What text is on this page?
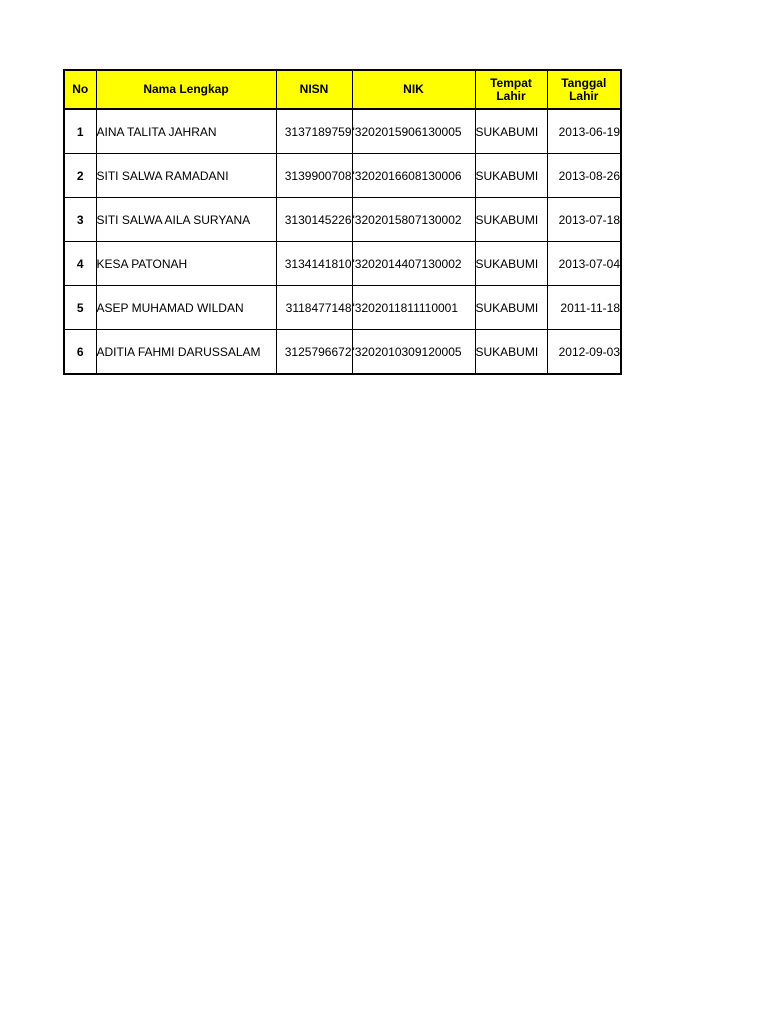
No	Nama Lengkap	NISN	NIK	Tempat Lahir	Tanggal Lahir
1	AINA TALITA JAHRAN	3137189759	'3202015906130005	SUKABUMI	2013-06-19
2	SITI SALWA RAMADANI	3139900708	'3202016608130006	SUKABUMI	2013-08-26
3	SITI SALWA AILA SURYANA	3130145226	'3202015807130002	SUKABUMI	2013-07-18
4	KESA PATONAH	3134141810	'3202014407130002	SUKABUMI	2013-07-04
5	ASEP MUHAMAD WILDAN	3118477148	'3202011811110001	SUKABUMI	2011-11-18
6	ADITIA FAHMI DARUSSALAM	3125796672	'3202010309120005	SUKABUMI	2012-09-03
